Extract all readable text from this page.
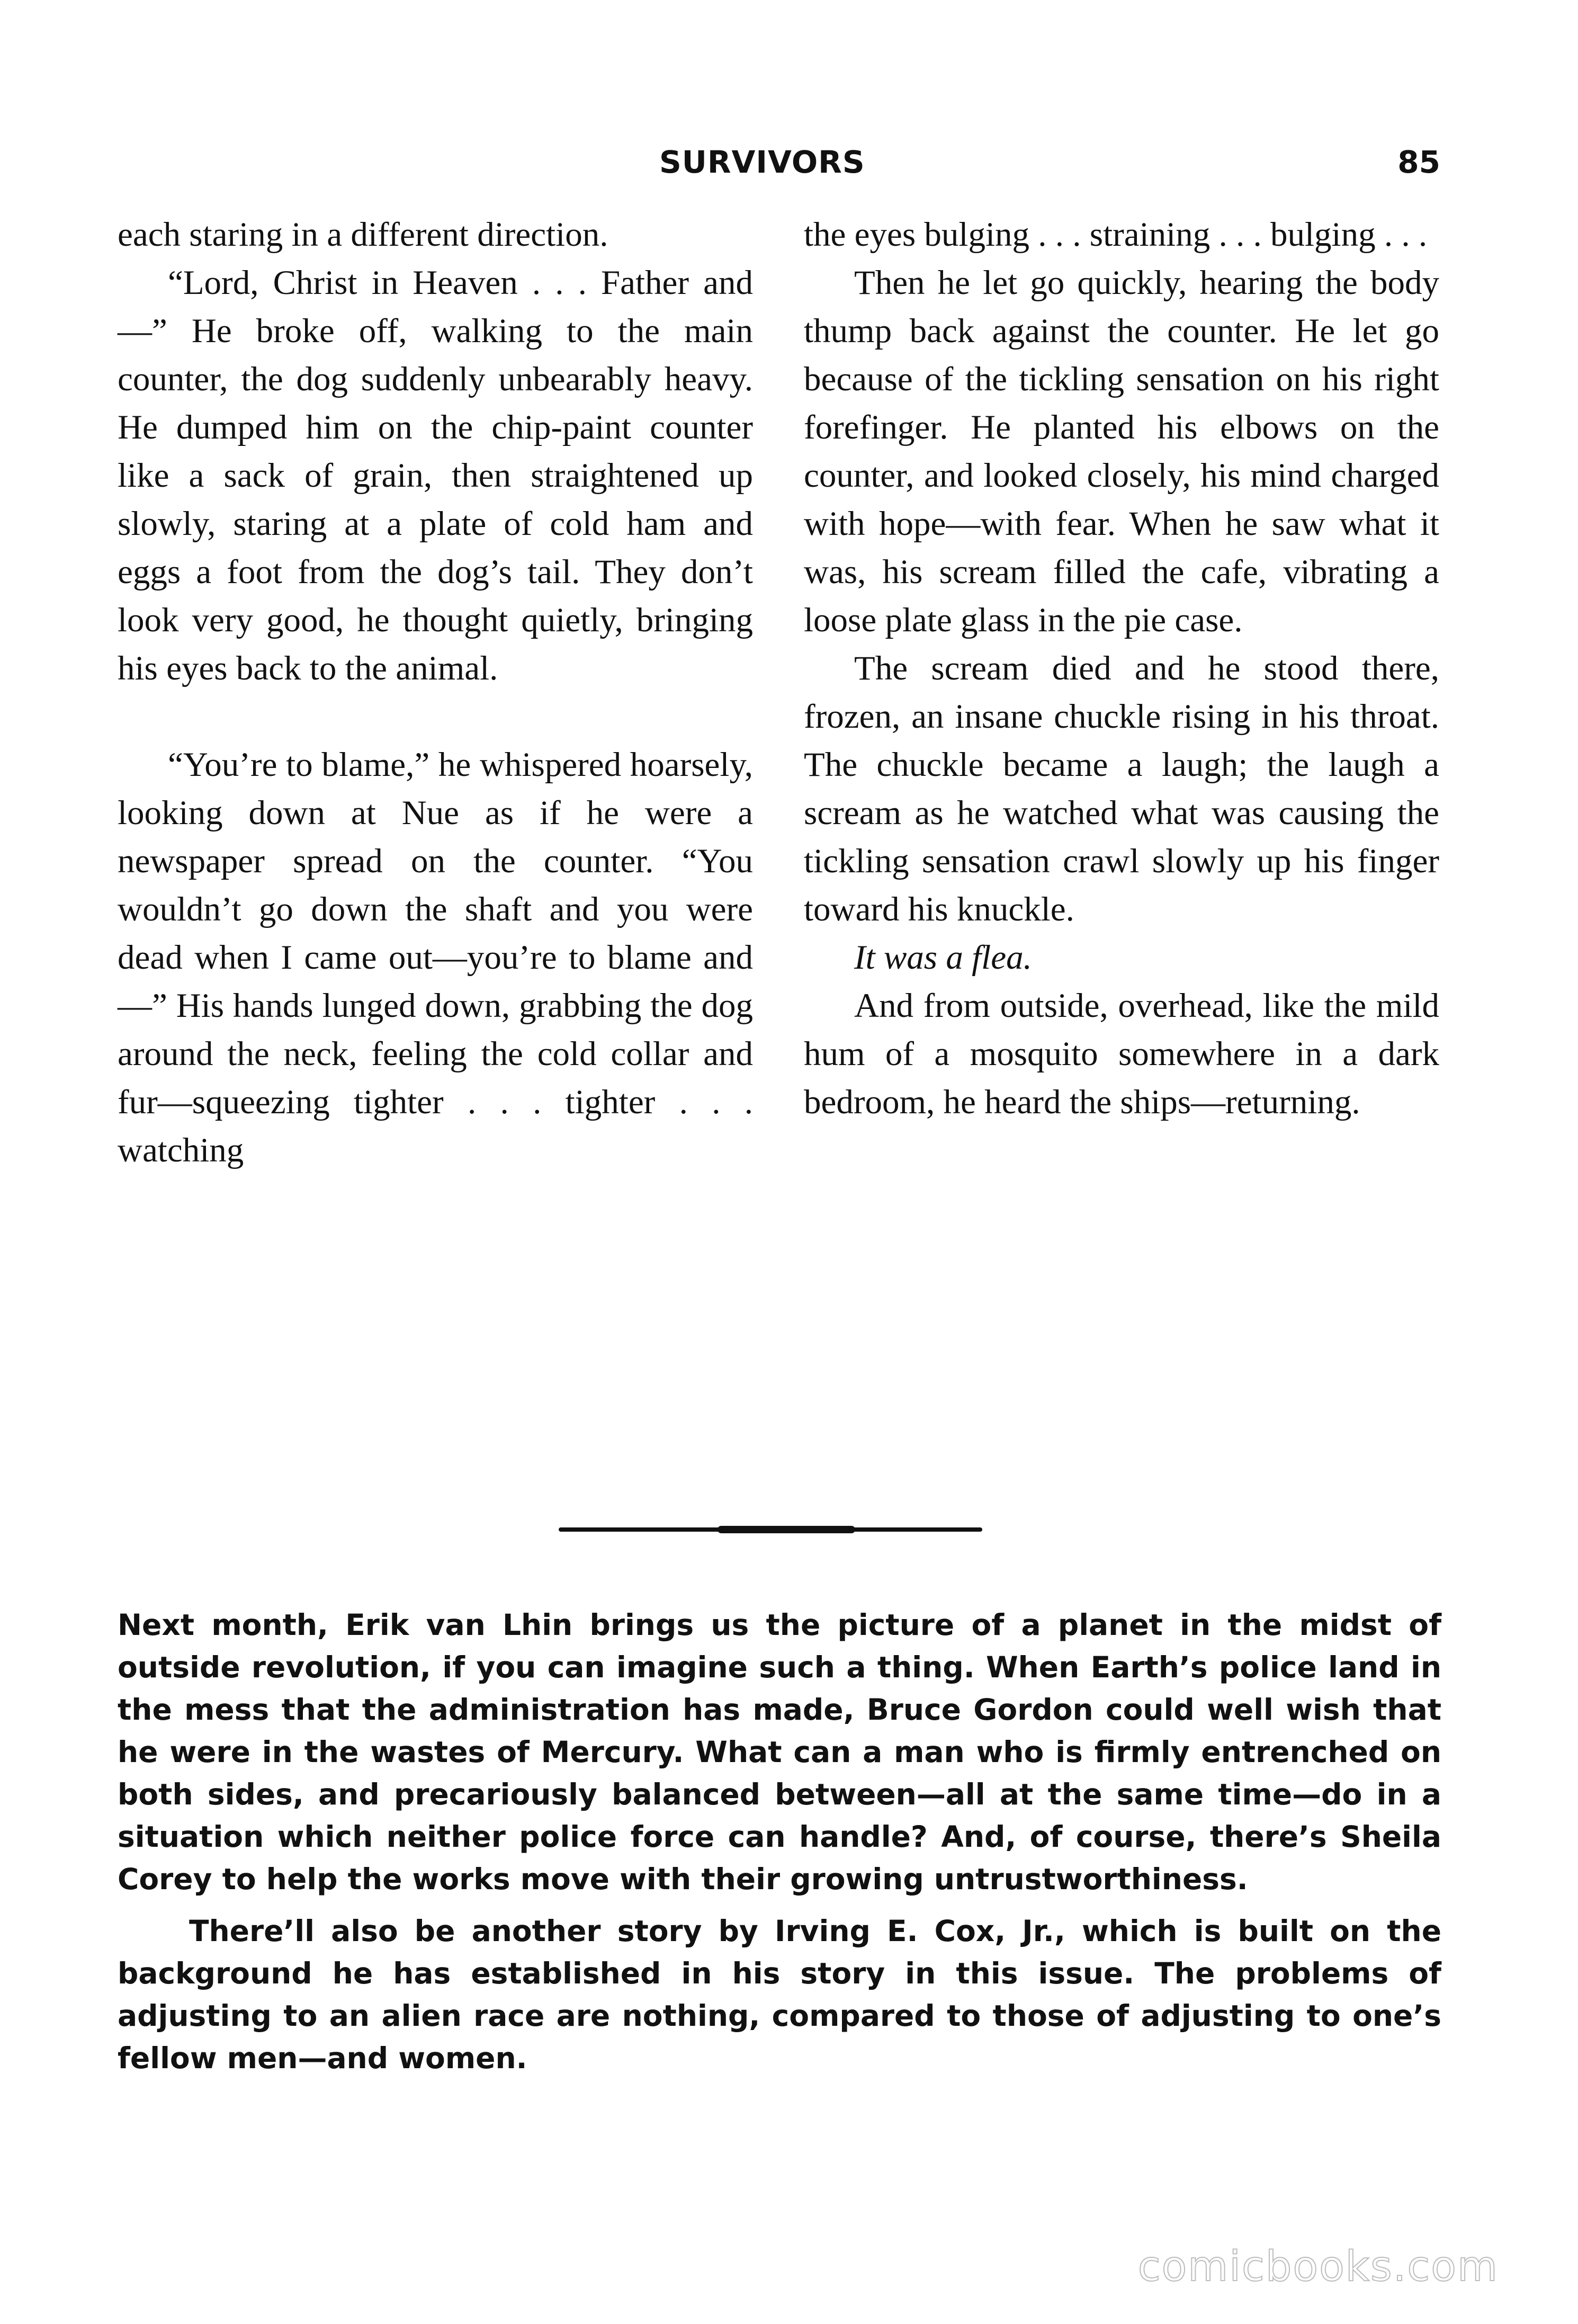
SURVIVORS	85

each staring in a different direction.

“Lord, Christ in Heaven . . . Father and—” He broke off, walking to the main counter, the dog suddenly unbearably heavy. He dumped him on the chip-paint counter like a sack of grain, then straightened up slowly, staring at a plate of cold ham and eggs a foot from the dog’s tail. They don’t look very good, he thought quietly, bringing his eyes back to the animal.

“You’re to blame,” he whispered hoarsely, looking down at Nue as if he were a newspaper spread on the counter. “You wouldn’t go down the shaft and you were dead when I came out—you’re to blame and—” His hands lunged down, grabbing the dog around the neck, feeling the cold collar and fur—squeezing tighter . . . tighter . . . watching

the eyes bulging . . . straining . . . bulging . . .

Then he let go quickly, hearing the body thump back against the counter. He let go because of the tickling sensation on his right forefinger. He planted his elbows on the counter, and looked closely, his mind charged with hope—with fear. When he saw what it was, his scream filled the cafe, vibrating a loose plate glass in the pie case.

The scream died and he stood there, frozen, an insane chuckle rising in his throat. The chuckle became a laugh; the laugh a scream as he watched what was causing the tickling sensation crawl slowly up his finger toward his knuckle.

It was a flea.

And from outside, overhead, like the mild hum of a mosquito somewhere in a dark bedroom, he heard the ships—returning.

Next month, Erik van Lhin brings us the picture of a planet in the midst of outside revolution, if you can imagine such a thing. When Earth’s police land in the mess that the administration has made, Bruce Gordon could well wish that he were in the wastes of Mercury. What can a man who is firmly entrenched on both sides, and precariously balanced between—all at the same time—do in a situation which neither police force can handle? And, of course, there’s Sheila Corey to help the works move with their growing untrustworthiness.

There’ll also be another story by Irving E. Cox, Jr., which is built on the background he has established in his story in this issue. The problems of adjusting to an alien race are nothing, compared to those of adjusting to one’s fellow men—and women.

comicbooks.com
